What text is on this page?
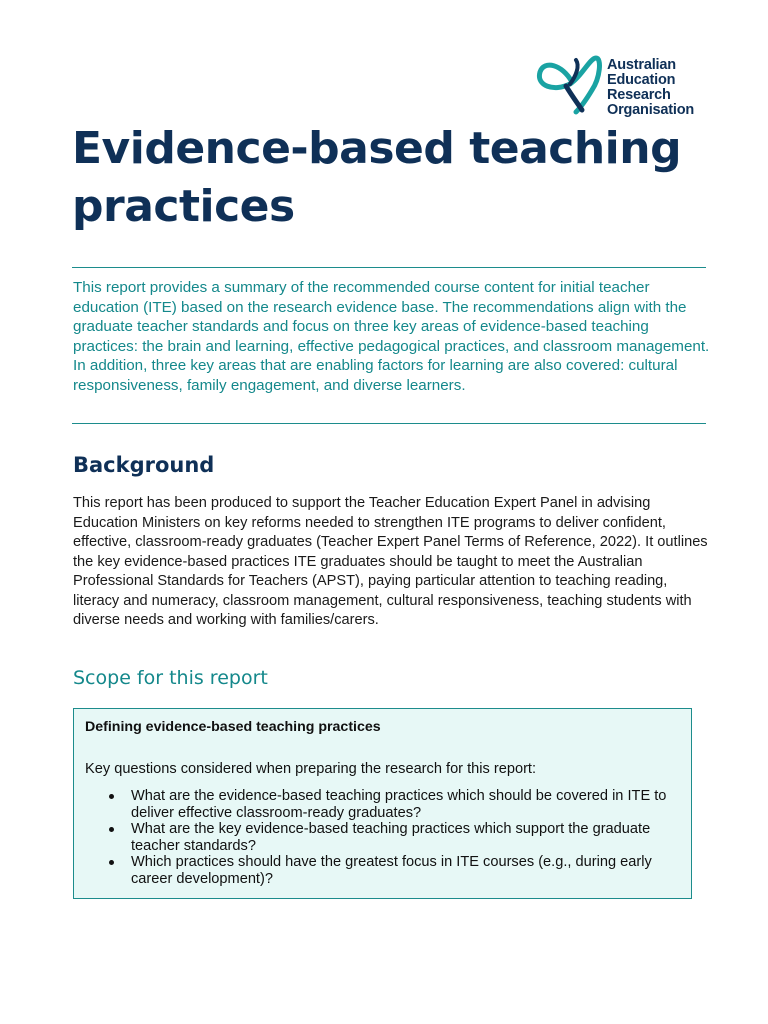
Australian
Education
Research
Organisation
Evidence-based teaching practices

This report provides a summary of the recommended course content for initial teacher education (ITE) based on the research evidence base. The recommendations align with the graduate teacher standards and focus on three key areas of evidence-based teaching practices: the brain and learning, effective pedagogical practices, and classroom management. In addition, three key areas that are enabling factors for learning are also covered: cultural responsiveness, family engagement, and diverse learners.

Background

This report has been produced to support the Teacher Education Expert Panel in advising Education Ministers on key reforms needed to strengthen ITE programs to deliver confident, effective, classroom-ready graduates (Teacher Expert Panel Terms of Reference, 2022). It outlines the key evidence-based practices ITE graduates should be taught to meet the Australian Professional Standards for Teachers (APST), paying particular attention to teaching reading, literacy and numeracy, classroom management, cultural responsiveness, teaching students with diverse needs and working with families/carers.

Scope for this report

Defining evidence-based teaching practices

Key questions considered when preparing the research for this report:

What are the evidence-based teaching practices which should be covered in ITE to deliver effective classroom-ready graduates?
What are the key evidence-based teaching practices which support the graduate teacher standards?
Which practices should have the greatest focus in ITE courses (e.g., during early career development)?
